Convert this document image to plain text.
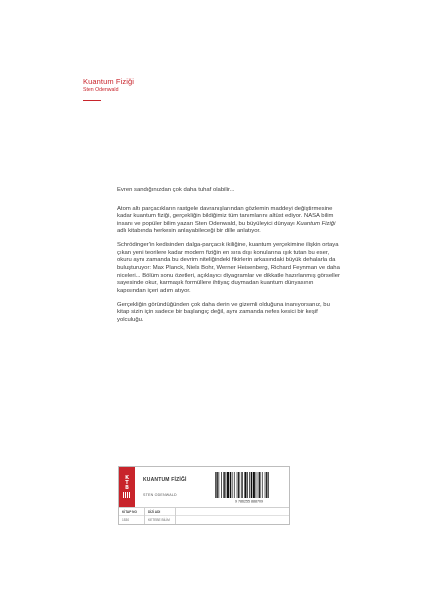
Kuantum Fiziği
Sten Odenwald

Evren sandığınızdan çok daha tuhaf olabilir...

Atom altı parçacıkların rastgele davranışlarından gözlemin maddeyi değiştirmesine kadar kuantum fiziği, gerçekliğin bildiğimiz tüm tanımlarını altüst ediyor. NASA bilim insanı ve popüler bilim yazarı Sten Odenwald, bu büyüleyici dünyayı Kuantum Fiziği adlı kitabında herkesin anlayabileceği bir dille anlatıyor.

Schrödinger'in kedisinden dalga-parçacık ikiliğine, kuantum yerçekimine ilişkin ortaya çıkan yeni teorilere kadar modern fiziğin en sıra dışı konularına ışık tutan bu eser, okuru aynı zamanda bu devrim niteliğindeki fikirlerin arkasındaki büyük dehalarla da buluşturuyor: Max Planck, Niels Bohr, Werner Heisenberg, Richard Feynman ve daha niceleri... Bölüm sonu özetleri, açıklayıcı diyagramlar ve dikkatle hazırlanmış görseller sayesinde okur, karmaşık formüllere ihtiyaç duymadan kuantum dünyasının kapısından içeri adım atıyor.

Gerçekliğin göründüğünden çok daha derin ve gizemli olduğuna inanıyorsanız, bu kitap sizin için sadece bir başlangıç değil, aynı zamanda nefes kesici bir keşif yolculuğu.

K
T
B
KUANTUM FİZİĞİ
STEN ODENWALD
9 786255 888709
KİTAP NO	DİZİ ADI
1530	KETEBE BİLİM
